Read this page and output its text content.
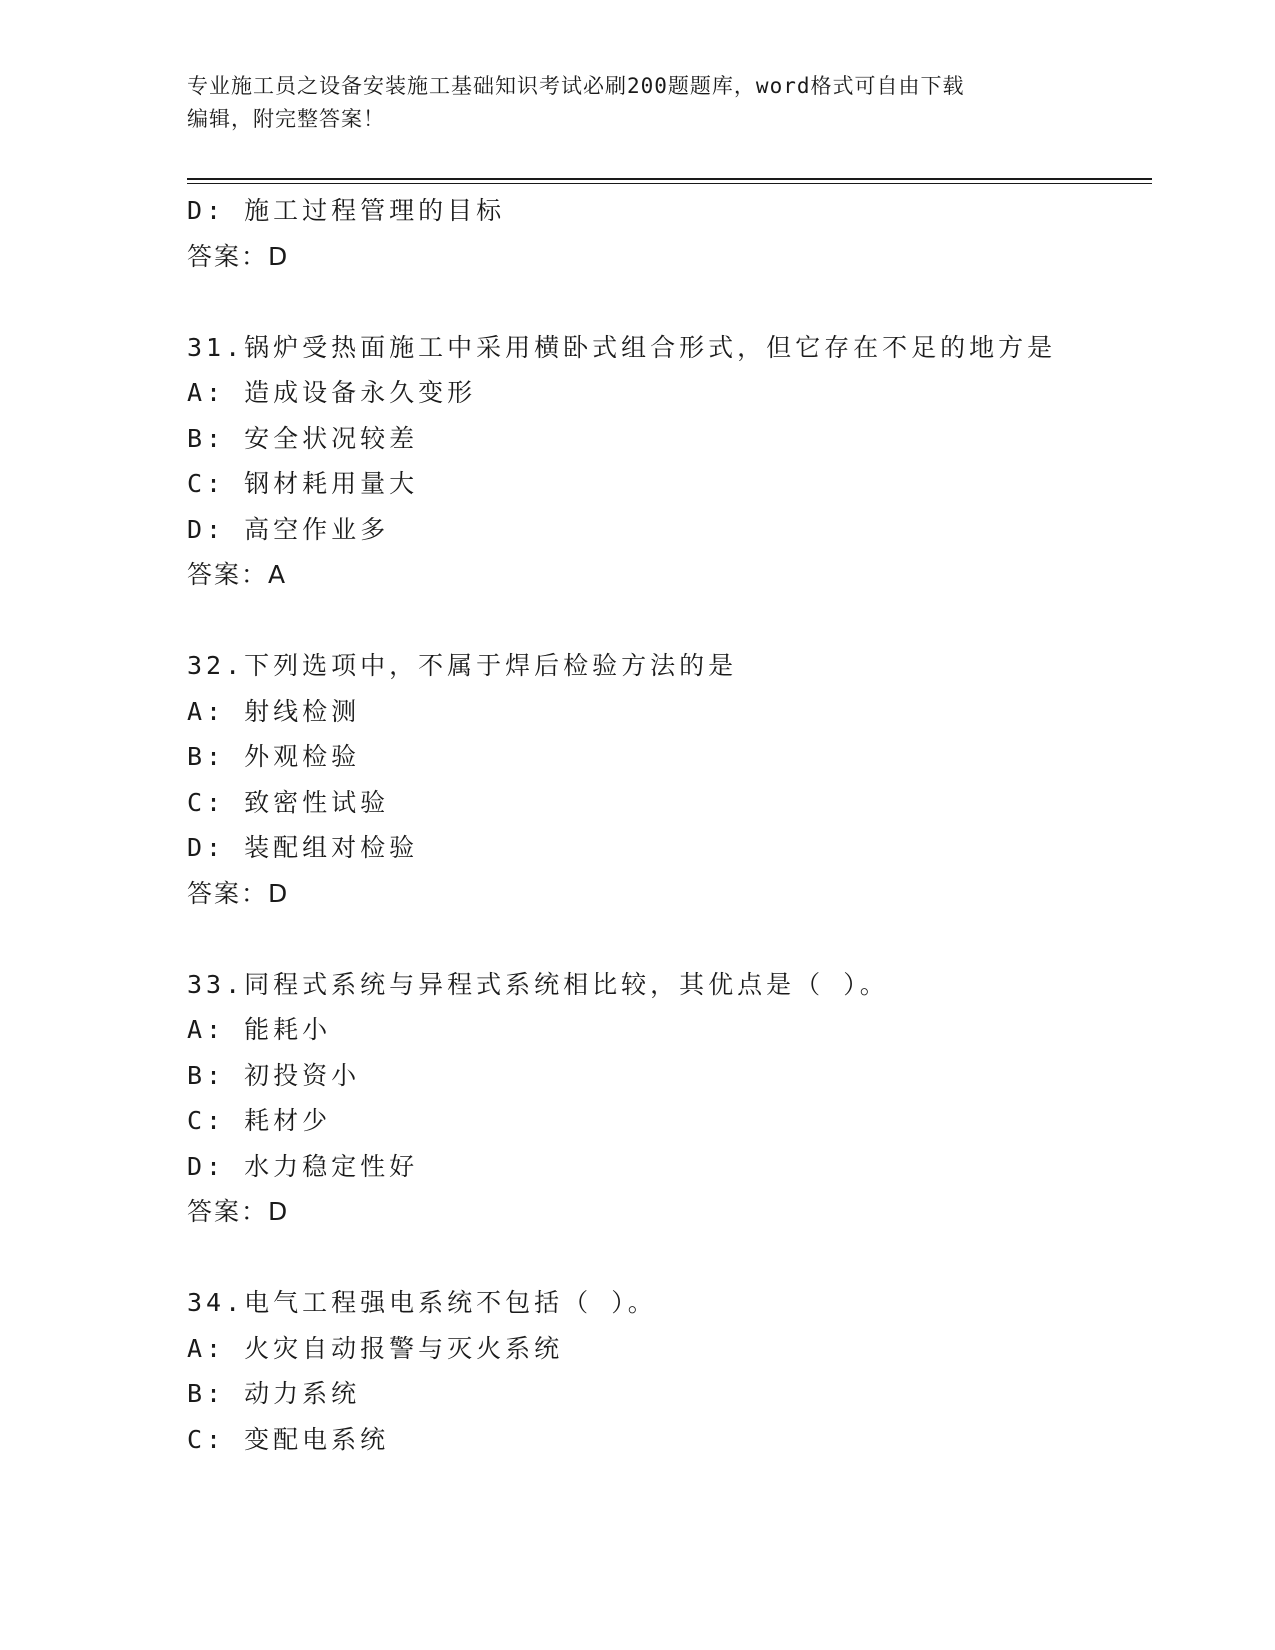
专业施工员之设备安装施工基础知识考试必刷200题题库，word格式可自由下载
编辑，附完整答案！
D: 施工过程管理的目标
答案：D
31.锅炉受热面施工中采用横卧式组合形式，但它存在不足的地方是
A: 造成设备永久变形
B: 安全状况较差
C: 钢材耗用量大
D: 高空作业多
答案：A
32.下列选项中，不属于焊后检验方法的是
A: 射线检测
B: 外观检验
C: 致密性试验
D: 装配组对检验
答案：D
33.同程式系统与异程式系统相比较，其优点是（ ）。
A: 能耗小
B: 初投资小
C: 耗材少
D: 水力稳定性好
答案：D
34.电气工程强电系统不包括（ ）。
A: 火灾自动报警与灭火系统
B: 动力系统
C: 变配电系统
